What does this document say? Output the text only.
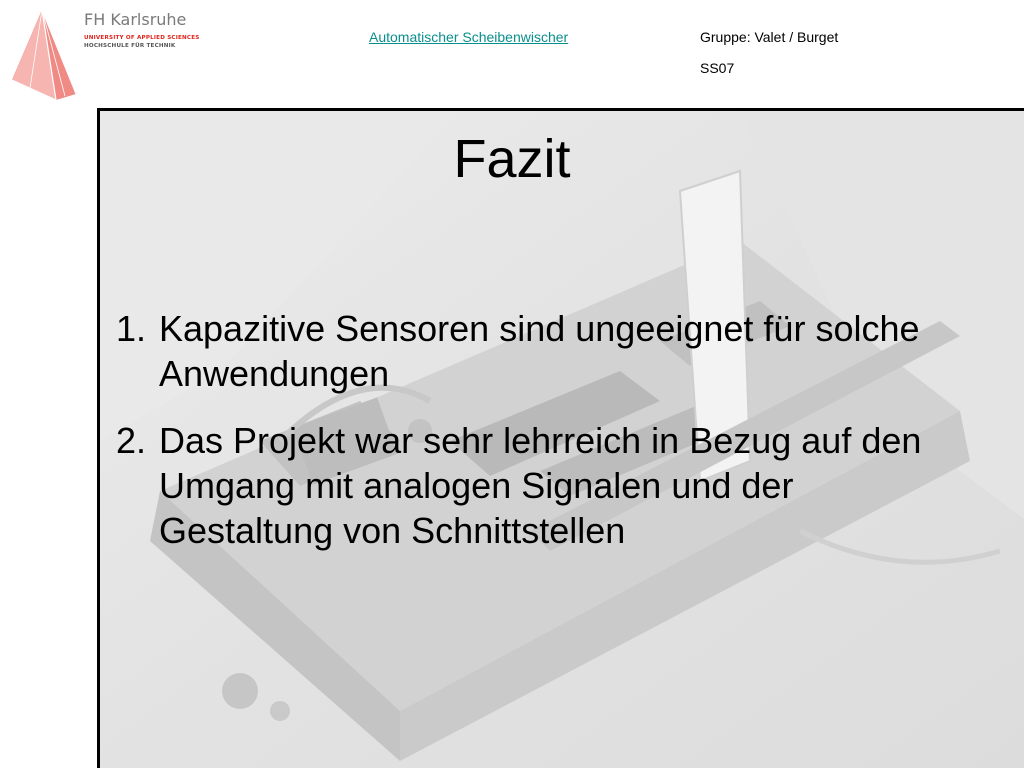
FH Karlsruhe
UNIVERSITY OF APPLIED SCIENCES
HOCHSCHULE FÜR TECHNIK
Automatischer Scheibenwischer	Gruppe: Valet / Burget
SS07
Fazit
1. Kapazitive Sensoren sind ungeeignet für solche Anwendungen
2. Das Projekt war sehr lehrreich in Bezug auf den Umgang mit analogen Signalen und der Gestaltung von Schnittstellen
